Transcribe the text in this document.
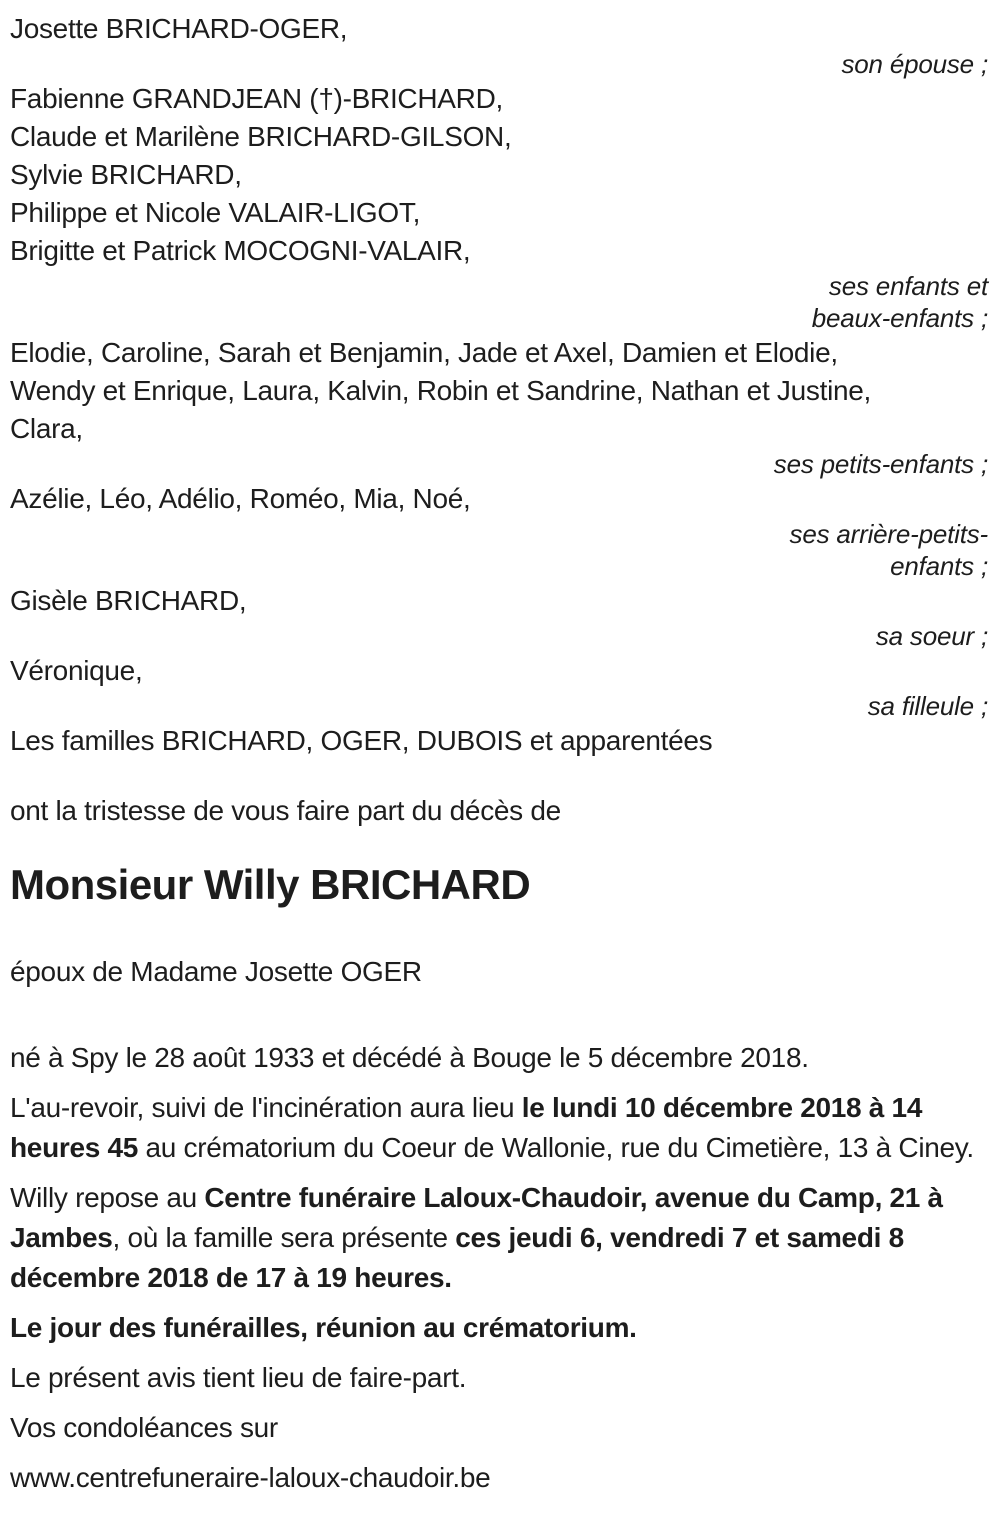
Josette BRICHARD-OGER,
son épouse ;
Fabienne GRANDJEAN (†)-BRICHARD,
Claude et Marilène BRICHARD-GILSON,
Sylvie BRICHARD,
Philippe et Nicole VALAIR-LIGOT,
Brigitte et Patrick MOCOGNI-VALAIR,
ses enfants et
beaux-enfants ;
Elodie, Caroline, Sarah et Benjamin, Jade et Axel, Damien et Elodie,
Wendy et Enrique, Laura, Kalvin, Robin et Sandrine, Nathan et Justine,
Clara,
ses petits-enfants ;
Azélie, Léo, Adélio, Roméo, Mia, Noé,
ses arrière-petits-
enfants ;
Gisèle BRICHARD,
sa soeur ;
Véronique,
sa filleule ;
Les familles BRICHARD, OGER, DUBOIS et apparentées

ont la tristesse de vous faire part du décès de

Monsieur Willy BRICHARD

époux de Madame Josette OGER

né à Spy le 28 août 1933 et décédé à Bouge le 5 décembre 2018.

L'au-revoir, suivi de l'incinération aura lieu le lundi 10 décembre 2018 à 14 heures 45 au crématorium du Coeur de Wallonie, rue du Cimetière, 13 à Ciney.

Willy repose au Centre funéraire Laloux-Chaudoir, avenue du Camp, 21 à Jambes, où la famille sera présente ces jeudi 6, vendredi 7 et samedi 8 décembre 2018 de 17 à 19 heures.

Le jour des funérailles, réunion au crématorium.

Le présent avis tient lieu de faire-part.

Vos condoléances sur

www.centrefuneraire-laloux-chaudoir.be
